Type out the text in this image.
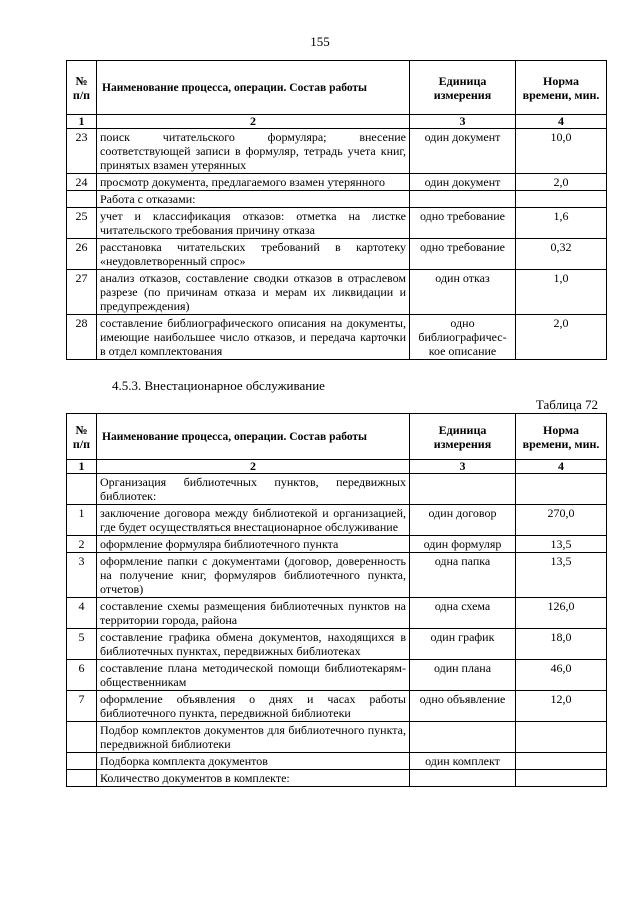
155
№ п/п	Наименование процесса, операции. Состав работы	Единица измерения	Норма времени, мин.
1	2	3	4
23	поиск читательского формуляра; внесение соответствующей записи в формуляр, тетрадь учета книг, принятых взамен утерянных	один документ	10,0
24	просмотр документа, предлагаемого взамен утерянного	один документ	2,0
	Работа с отказами:		
25	учет и классификация отказов: отметка на листке читательского требования причину отказа	одно требование	1,6
26	расстановка читательских требований в картотеку «неудовлетворенный спрос»	одно требование	0,32
27	анализ отказов, составление сводки отказов в отраслевом разрезе (по причинам отказа и мерам их ликвидации и предупреждения)	один отказ	1,0
28	составление библиографического описания на документы, имеющие наибольшее число отказов, и передача карточки в отдел комплектования	одно библиографичес-кое описание	2,0
4.5.3. Внестационарное обслуживание
Таблица 72
№ п/п	Наименование процесса, операции. Состав работы	Единица измерения	Норма времени, мин.
1	2	3	4
	Организация библиотечных пунктов, передвижных библиотек:		
1	заключение договора между библиотекой и организацией, где будет осуществляться внестационарное обслуживание	один договор	270,0
2	оформление формуляра библиотечного пункта	один формуляр	13,5
3	оформление папки с документами (договор, доверенность на получение книг, формуляров библиотечного пункта, отчетов)	одна папка	13,5
4	составление схемы размещения библиотечных пунктов на территории города, района	одна схема	126,0
5	составление графика обмена документов, находящихся в библиотечных пунктах, передвижных библиотеках	один график	18,0
6	составление плана методической помощи библиотекарям-общественникам	один плана	46,0
7	оформление объявления о днях и часах работы библиотечного пункта, передвижной библиотеки	одно объявление	12,0
	Подбор комплектов документов для библиотечного пункта, передвижной библиотеки		
	Подборка комплекта документов	один комплект	
	Количество документов в комплекте:		
